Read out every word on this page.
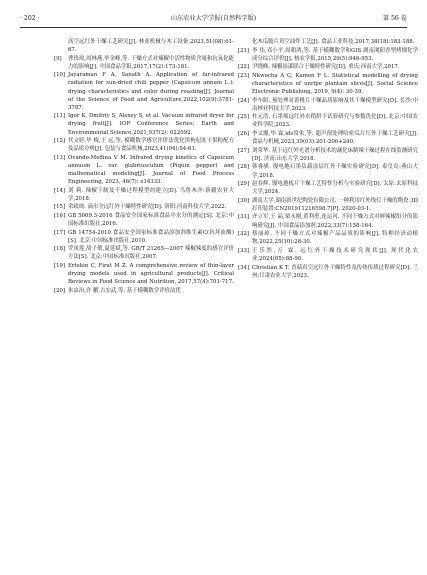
· 202 ·	山东农业大学学报(自然科学版)	第 56 卷
高空远红外干燥工艺研究[J]. 林业机械与木工设备,2023,51(08):61-67.
[9]	曹珍琼,周林燕,毕金峰,等. 干燥方式对辣椒中活性物质含量和抗氧化能力的影响[J]. 中国食品学报,2017,17(2):173-181.
[10] Jayaraman F A, Sanath A. Application of far-infrared radiation for sun-dried chili pepper (Capsicum annum L.): drying characteristics and color during roasting[J]. Journal of the Science of Food and Agriculture,2022,102(9):3781-3787.
[11] Igor K, Dmitriy S, Alexey S, et al. Vacuum infrared dryer for drying fruit[J]. IOP Conference Series: Earth and Environmental Science,2021,937(2): 022092.
[12] 代文婷,毕 梅,王 远,等. 模糊数学感官评价法优化黑枸杞冻干果粉配方及品质分析[J]. 包装与食品机械,2023,41(04):54-61.
[13] Ovando-Medina V M. Infrared drying kinetics of Capsicum annuum L. var. glabriusculum (Piquin pepper) and mathematical modeling[J]. Journal of Food Process Engineering, 2023, 46(7): e14333.
[14] 刘 莉. 辣椒干制及干燥过程模型的建立[D]. 乌鲁木齐:新疆农业大学,2018.
[15] 余政颂. 滴水全远红外干燥特性研究[D]. 洛阳:河南科技大学,2022.
[16] GB 5009.3-2016 食品安全国家标准食品中水分的测定[S]. 北京:中国标准出版社,2016.
[17] GB 14754-2010 食品安全国家标准食品添加剂维生素C(抗坏血酸)[S]. 北京:中国标准出版社,2010.
[18] 罗凤莲,胡子敏,夏延斌,等. GB/T 21265—2007 辣椒辣度的感官评价方法[S]. 北京:中国标准出版社,2007.
[19] Ertekin C, Firat M Z. A comprehensive review of thin-layer drying models used in agricultural products[J]. Critical Reviews in Food Science and Nutrition, 2017,57(4):701-717.
[20] 朱由治,许 鹏,吉宏武,等. 基于模糊数学评价法优
化木瓜脆片真空油炸工艺[J]. 食品工业科技,2017,38(18):183-188.
[21] 李 伟,邓小平,周朝鸿,等. 基于模糊数学和GIS 湖南浏阳香型烤烟化学成分综合评价[J]. 核农学报,2015,29(5):946-953.
[22] 尹晓峰. 辣椒添漆联合干燥特性研究[D]. 重庆:西南大学,2017.
[23] Nkwocha A C, Kamen F L. Statistical modelling of drying characteristics of unripe plantain slices[J]. Social Science Electronic Publishing, 2019, 9(4): 30-39.
[24] 李车阳. 预处理对黄桃片干燥品质影响及其干燥模型研究[D]. 长沙:中南林业科技大学,2023.
[25] 杜元浩. 石墨烯远红外水稻烘干试验研究与参数优化[D]. 北京:中国农业科学院,2023.
[26] 李义魔,毕 霖,ids常朱,等. 超声预处理哈密瓜片红外干燥工艺研究[J]. 食品与机械,2023,39(03):201-206+240.
[27] 刘荣华. 基于远红外光谱分析技术的蔬化床制辣干燥过程在线监测研究[D]. 济南:山东大学,2018.
[28] 韩睿骐. 馒电地石墨负载涂层红外干燥实验研究[D]. 泰皇岛:燕山大学,2018.
[29] 赵春辉. 馒电地板片干燥工艺特性分析与实验研究[D]. 太原:太原科技大学,2024.
[30] 湖南大学,湖南新世纪陶瓷有限公司. 一种利用红外线灯干燥的陶瓷 3D 打印装置:CN201911216598.7[P]. 2020-03-1.
[31] 齐立军,王 晶,栗永刚,黄利勇,连运河. 不同干燥方式对鲜辣椒组分的影响研究[J]. 中国食品添加剂,2022,33(7):158-164.
[32] 蔡丽琼. 不同干燥方式对辣椒产品品质的影响[J]. 特种经济动植物,2022,25(10):28-30.
[33] 王乐然,万 霖. 远红外干燥技术研究现状[J]. 现代化农业,2024(05):88-90.
[34] Christian K T. 香菇真空远红外干燥特性及传热传质过程研究[D]. 兰州:甘肃农业大学,2023.
